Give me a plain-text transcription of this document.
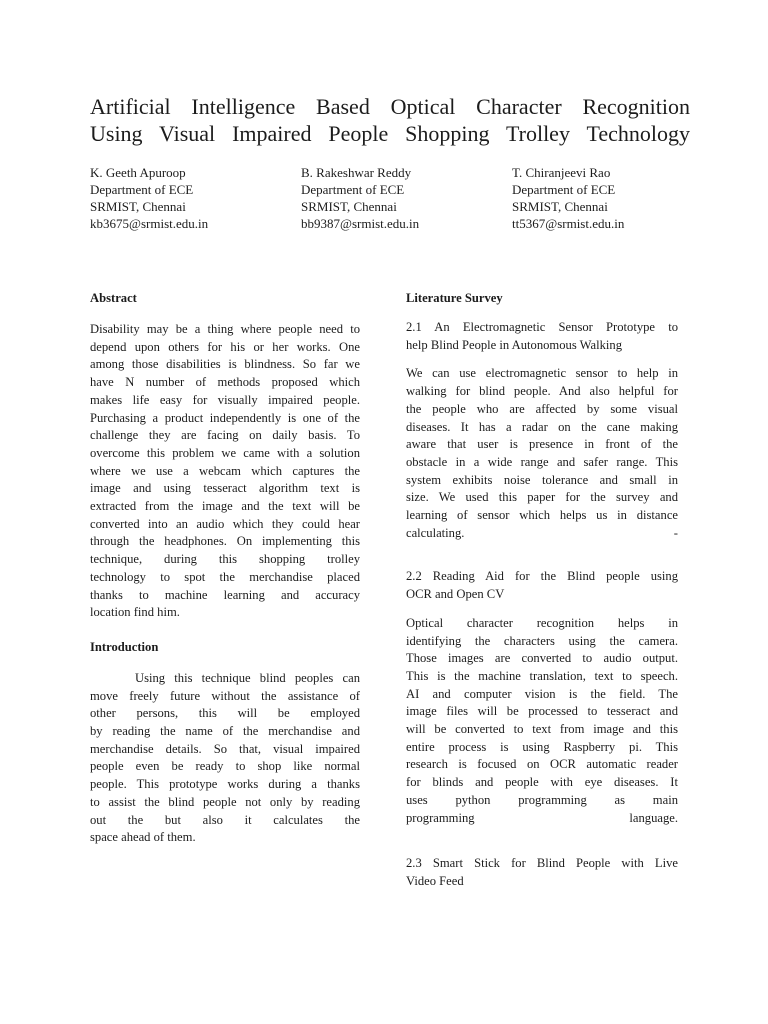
Artificial Intelligence Based Optical Character Recognition
Using Visual Impaired People Shopping Trolley Technology
K. Geeth Apuroop
Department of ECE
SRMIST, Chennai
kb3675@srmist.edu.in
B. Rakeshwar Reddy
Department of ECE
SRMIST, Chennai
bb9387@srmist.edu.in
T. Chiranjeevi Rao
Department of ECE
SRMIST, Chennai
tt5367@srmist.edu.in
Abstract
Disability may be a thing where people need to
depend upon others for his or her works. One
among those disabilities is blindness. So far we
have N number of methods proposed which
makes life easy for visually impaired people.
Purchasing a product independently is one of the
challenge they are facing on daily basis. To
overcome this problem we came with a solution
where we use a webcam which captures the
image and using tesseract algorithm text is
extracted from the image and the text will be
converted into an audio which they could hear
through the headphones. On implementing this
technique, during this shopping trolley
technology to spot the merchandise placed
thanks to machine learning and accuracy
location find him.
Introduction
Using this technique blind peoples can
move freely future without the assistance of
other persons, this will be employed
by reading the name of the merchandise and
merchandise details. So that, visual impaired
people even be ready to shop like normal
people. This prototype works during a thanks
to assist the blind people not only by reading
out the but also it calculates the
space ahead of them.
Literature Survey
2.1 An Electromagnetic Sensor Prototype to
help Blind People in Autonomous Walking
We can use electromagnetic sensor to help in
walking for blind people. And also helpful for
the people who are affected by some visual
diseases. It has a radar on the cane making
aware that user is presence in front of the
obstacle in a wide range and safer range. This
system exhibits noise tolerance and small in
size. We used this paper for the survey and
learning of sensor which helps us in distance
calculating. -
2.2 Reading Aid for the Blind people using
OCR and Open CV
Optical character recognition helps in
identifying the characters using the camera.
Those images are converted to audio output.
This is the machine translation, text to speech.
AI and computer vision is the field. The
image files will be processed to tesseract and
will be converted to text from image and this
entire process is using Raspberry pi. This
research is focused on OCR automatic reader
for blinds and people with eye diseases. It
uses python programming as main
programming language.
2.3 Smart Stick for Blind People with Live
Video Feed
